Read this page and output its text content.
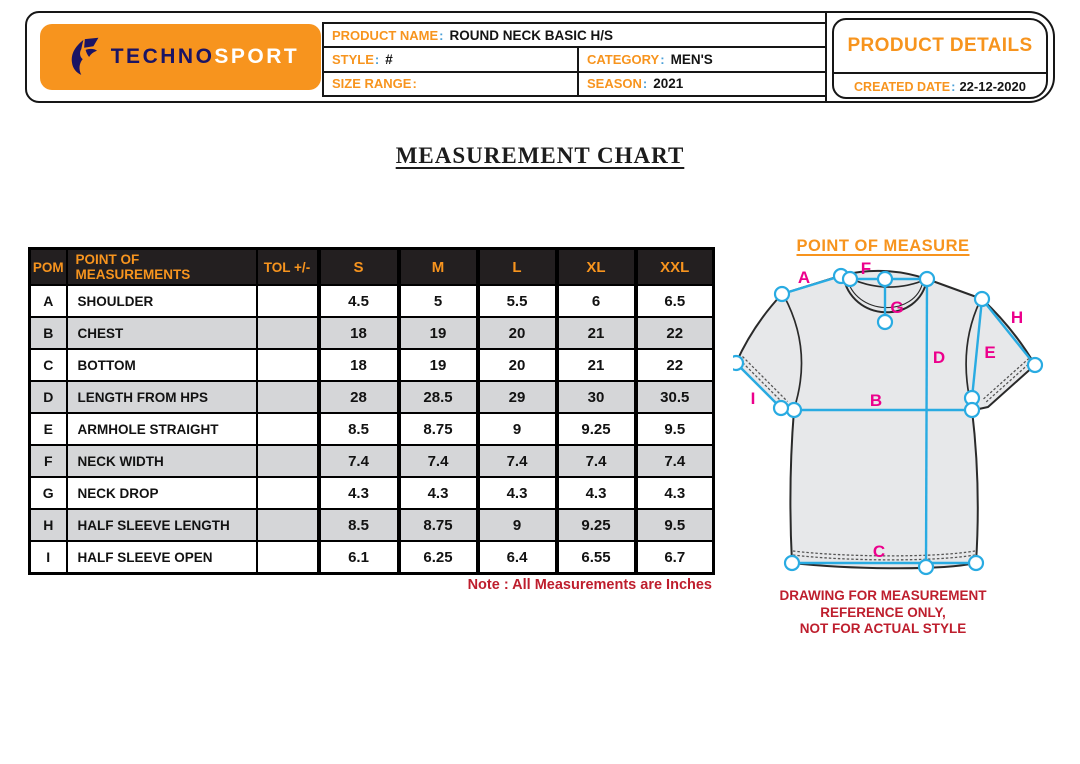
TECHNOSPORT
PRODUCT NAME : ROUND NECK BASIC H/S
STYLE : #	CATEGORY : MEN'S
SIZE RANGE :	SEASON : 2021
PRODUCT DETAILS
CREATED DATE : 22-12-2020
MEASUREMENT CHART
POM	POINT OF MEASUREMENTS	TOL +/-	S	M	L	XL	XXL
A	SHOULDER		4.5	5	5.5	6	6.5
B	CHEST		18	19	20	21	22
C	BOTTOM		18	19	20	21	22
D	LENGTH FROM HPS		28	28.5	29	30	30.5
E	ARMHOLE STRAIGHT		8.5	8.75	9	9.25	9.5
F	NECK WIDTH		7.4	7.4	7.4	7.4	7.4
G	NECK DROP		4.3	4.3	4.3	4.3	4.3
H	HALF SLEEVE LENGTH		8.5	8.75	9	9.25	9.5
I	HALF SLEEVE OPEN		6.1	6.25	6.4	6.55	6.7
Note : All Measurements are Inches
POINT OF MEASURE
A	F
G
D
H
E
B
I
C
DRAWING FOR MEASUREMENT
REFERENCE ONLY,
NOT FOR ACTUAL STYLE
